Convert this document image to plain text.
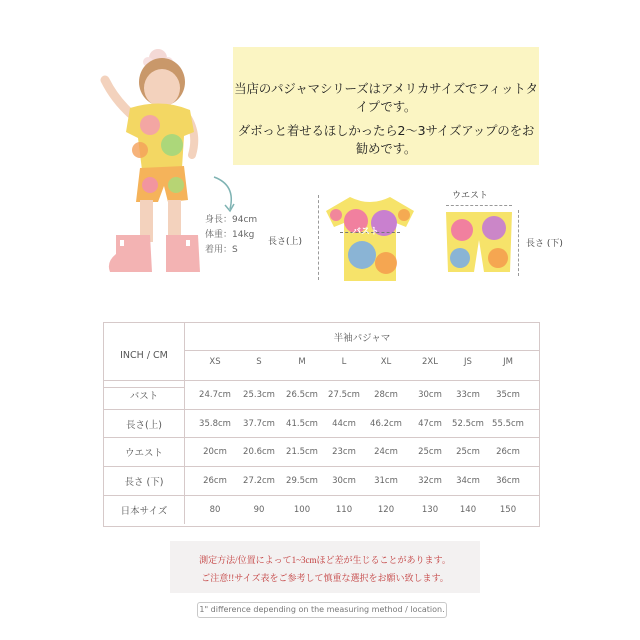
身長：94cm
体重：14kg
着用：S
当店のパジャマシリーズはアメリカサイズでフィットタイプです。
ダボっと着せるほしかったら2〜3サイズアップのをお勧めです。
長さ(上)
バスト
ウエスト
長さ (下)
INCH / CM
半袖パジャマ
XS	S	M	L	XL	2XL	JS	JM
バスト	24.7cm	25.3cm	26.5cm	27.5cm	28cm	30cm	33cm	35cm
長さ(上)	35.8cm	37.7cm	41.5cm	44cm	46.2cm	47cm	52.5cm 55.5cm
ウエスト	20cm	20.6cm	21.5cm	23cm	24cm	25cm	25cm	26cm
長さ (下)	26cm	27.2cm	29.5cm	30cm	31cm	32cm	34cm	36cm
日本サイズ	80	90	100	110	120	130	140	150
測定方法/位置によって1~3cmほど差が生じることがあります。
ご注意!!サイズ表をご参考して慎重な選択をお願い致します。
1" difference depending on the measuring method / location.
